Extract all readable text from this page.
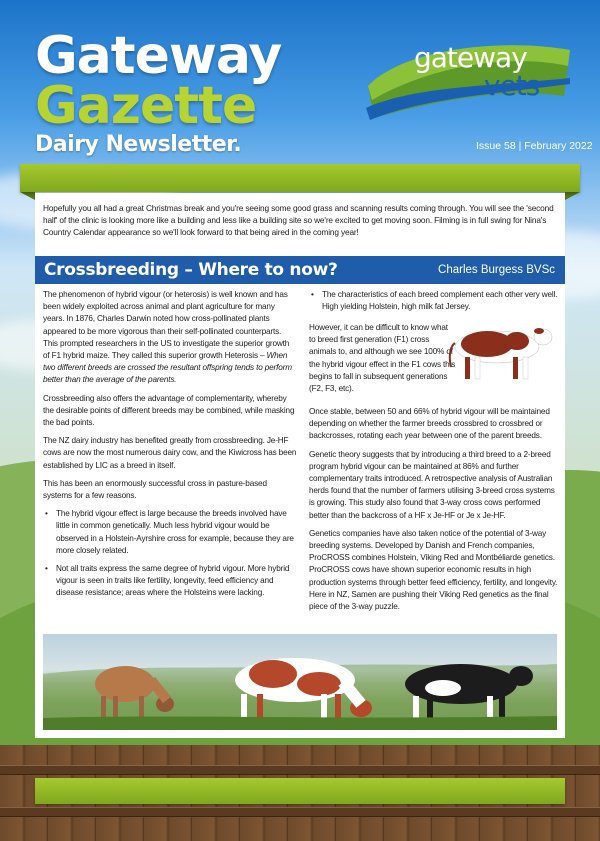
Gateway
Gazette
Dairy Newsletter.	Issue 58 | February 2022
gateway
vets
Hopefully you all had a great Christmas break and you're seeing some good grass and scanning results coming through. You will see the 'second half' of the clinic is looking more like a building and less like a building site so we're excited to get moving soon. Filming is in full swing for Nina's Country Calendar appearance so we'll look forward to that being aired in the coming year!
Crossbreeding – Where to now?	Charles Burgess BVSc

The phenomenon of hybrid vigour (or heterosis) is well known and has been widely exploited across animal and plant agriculture for many years. In 1876, Charles Darwin noted how cross-pollinated plants appeared to be more vigorous than their self-pollinated counterparts. This prompted researchers in the US to investigate the superior growth of F1 hybrid maize. They called this superior growth Heterosis – When two different breeds are crossed the resultant offspring tends to perform better than the average of the parents.

Crossbreeding also offers the advantage of complementarity, whereby the desirable points of different breeds may be combined, while masking the bad points.

The NZ dairy industry has benefited greatly from crossbreeding. Je-HF cows are now the most numerous dairy cow, and the Kiwicross has been established by LIC as a breed in itself.

This has been an enormously successful cross in pasture-based systems for a few reasons.

• The hybrid vigour effect is large because the breeds involved have little in common genetically. Much less hybrid vigour would be observed in a Holstein-Ayrshire cross for example, because they are more closely related.
• Not all traits express the same degree of hybrid vigour. More hybrid vigour is seen in traits like fertility, longevity, feed efficiency and disease resistance; areas where the Holsteins were lacking.
• The characteristics of each breed complement each other very well. High yielding Holstein, high milk fat Jersey.
However, it can be difficult to know what to breed first generation (F1) cross animals to, and although we see 100% of the hybrid vigour effect in the F1 cows this begins to fall in subsequent generations (F2, F3, etc).

Once stable, between 50 and 66% of hybrid vigour will be maintained depending on whether the farmer breeds crossbred to crossbred or backcrosses, rotating each year between one of the parent breeds.

Genetic theory suggests that by introducing a third breed to a 2-breed program hybrid vigour can be maintained at 86% and further complementary traits introduced. A retrospective analysis of Australian herds found that the number of farmers utilising 3-breed cross systems is growing. This study also found that 3-way cross cows performed better than the backcross of a HF x Je-HF or Je x Je-HF.

Genetics companies have also taken notice of the potential of 3-way breeding systems. Developed by Danish and French companies, ProCROSS combines Holstein, Viking Red and Montbéliarde genetics. ProCROSS cows have shown superior economic results in high production systems through better feed efficiency, fertility, and longevity. Here in NZ, Samen are pushing their Viking Red genetics as the final piece of the 3-way puzzle.
